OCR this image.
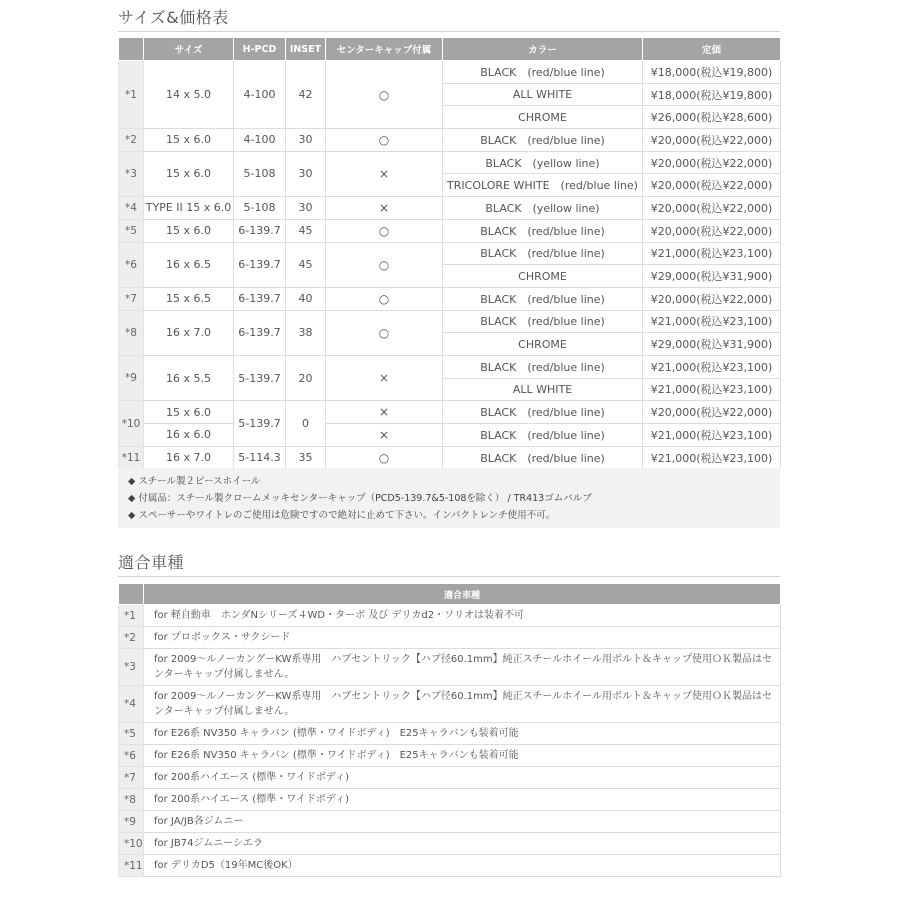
サイズ&価格表
	サイズ	H-PCD	INSET	センターキャップ付属	カラー	定価
*1	14 x 5.0	4-100	42	○	BLACK　(red/blue line)	¥18,000(税込¥19,800)
					ALL WHITE	¥18,000(税込¥19,800)
					CHROME	¥26,000(税込¥28,600)
*2	15 x 6.0	4-100	30	○	BLACK　(red/blue line)	¥20,000(税込¥22,000)
*3	15 x 6.0	5-108	30	×	BLACK　(yellow line)	¥20,000(税込¥22,000)
					TRICOLORE WHITE　(red/blue line)	¥20,000(税込¥22,000)
*4	TYPE II 15 x 6.0	5-108	30	×	BLACK　(yellow line)	¥20,000(税込¥22,000)
*5	15 x 6.0	6-139.7	45	○	BLACK　(red/blue line)	¥20,000(税込¥22,000)
*6	16 x 6.5	6-139.7	45	○	BLACK　(red/blue line)	¥21,000(税込¥23,100)
					CHROME	¥29,000(税込¥31,900)
*7	15 x 6.5	6-139.7	40	○	BLACK　(red/blue line)	¥20,000(税込¥22,000)
*8	16 x 7.0	6-139.7	38	○	BLACK　(red/blue line)	¥21,000(税込¥23,100)
					CHROME	¥29,000(税込¥31,900)
*9	16 x 5.5	5-139.7	20	×	BLACK　(red/blue line)	¥21,000(税込¥23,100)
					ALL WHITE	¥21,000(税込¥23,100)
*10	15 x 6.0	5-139.7	0	×	BLACK　(red/blue line)	¥20,000(税込¥22,000)
	16 x 6.0			×	BLACK　(red/blue line)	¥21,000(税込¥23,100)
*11	16 x 7.0	5-114.3	35	○	BLACK　(red/blue line)	¥21,000(税込¥23,100)
◆ スチール製２ピースホイール
◆ 付属品：スチール製クロームメッキセンターキャップ（PCD5-139.7&5-108を除く） / TR413ゴムバルブ
◆ スペーサーやワイトレのご使用は危険ですので絶対に止めて下さい。インパクトレンチ使用不可。
適合車種
	適合車種
*1	for 軽自動車　ホンダNシリーズ４WD・ターボ 及び デリカd2・ソリオは装着不可
*2	for プロボックス・サクシード
*3	for 2009～ルノーカングーKW系専用　ハブセントリック【ハブ径60.1mm】純正スチールホイール用ボルト＆キャップ使用ＯＫ製品はセンターキャップ付属しません。
*4	for 2009～ルノーカングーKW系専用　ハブセントリック【ハブ径60.1mm】純正スチールホイール用ボルト＆キャップ使用ＯＫ製品はセンターキャップ付属しません。
*5	for E26系 NV350 キャラバン (標準・ワイドボディ)　E25キャラバンも装着可能
*6	for E26系 NV350 キャラバン (標準・ワイドボディ)　E25キャラバンも装着可能
*7	for 200系ハイエース (標準・ワイドボディ)
*8	for 200系ハイエース (標準・ワイドボディ)
*9	for JA/JB各ジムニー
*10	for JB74ジムニーシエラ
*11	for デリカD5（19年MC後OK）
